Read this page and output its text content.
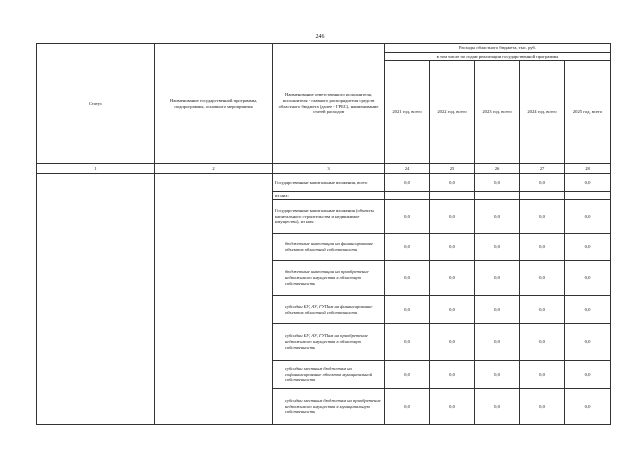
246
Статус	Наименование государственной программы, подпрограммы, основного мероприятия	Наименование ответственного исполнителя, исполнителя - главного распорядителя средств областного бюджета (далее - ГРБС), наименование статей расходов	Расходы областного бюджета, тыс. руб.				
			в том числе по годам реализации государственной программы				
			2021 год, всего	2022 год, всего	2023 год, всего	2024 год, всего	2025 год, всего
1	2	3	24	25	26	27	28
		Государственные капитальные вложения, всего	0,0	0,0	0,0	0,0	0,0
		из них:					
		Государственные капитальные вложения (объекты капитального строительства и недвижимое имущество), из них:	0,0	0,0	0,0	0,0	0,0
		бюджетные инвестиции на финансирование объектов областной собственности	0,0	0,0	0,0	0,0	0,0
		бюджетные инвестиции на приобретение недвижимого имущества в областную собственность	0,0	0,0	0,0	0,0	0,0
		субсидии БУ, АУ, ГУПам на финансирование объектов областной собственности	0,0	0,0	0,0	0,0	0,0
		субсидии БУ, АУ, ГУПам на приобретение недвижимого имущества в областную собственность	0,0	0,0	0,0	0,0	0,0
		субсидии местным бюджетам на софинансирование объектов муниципальной собственности	0,0	0,0	0,0	0,0	0,0
		субсидии местным бюджетам на приобретение недвижимого имущества в муниципальную собственность	0,0	0,0	0,0	0,0	0,0
